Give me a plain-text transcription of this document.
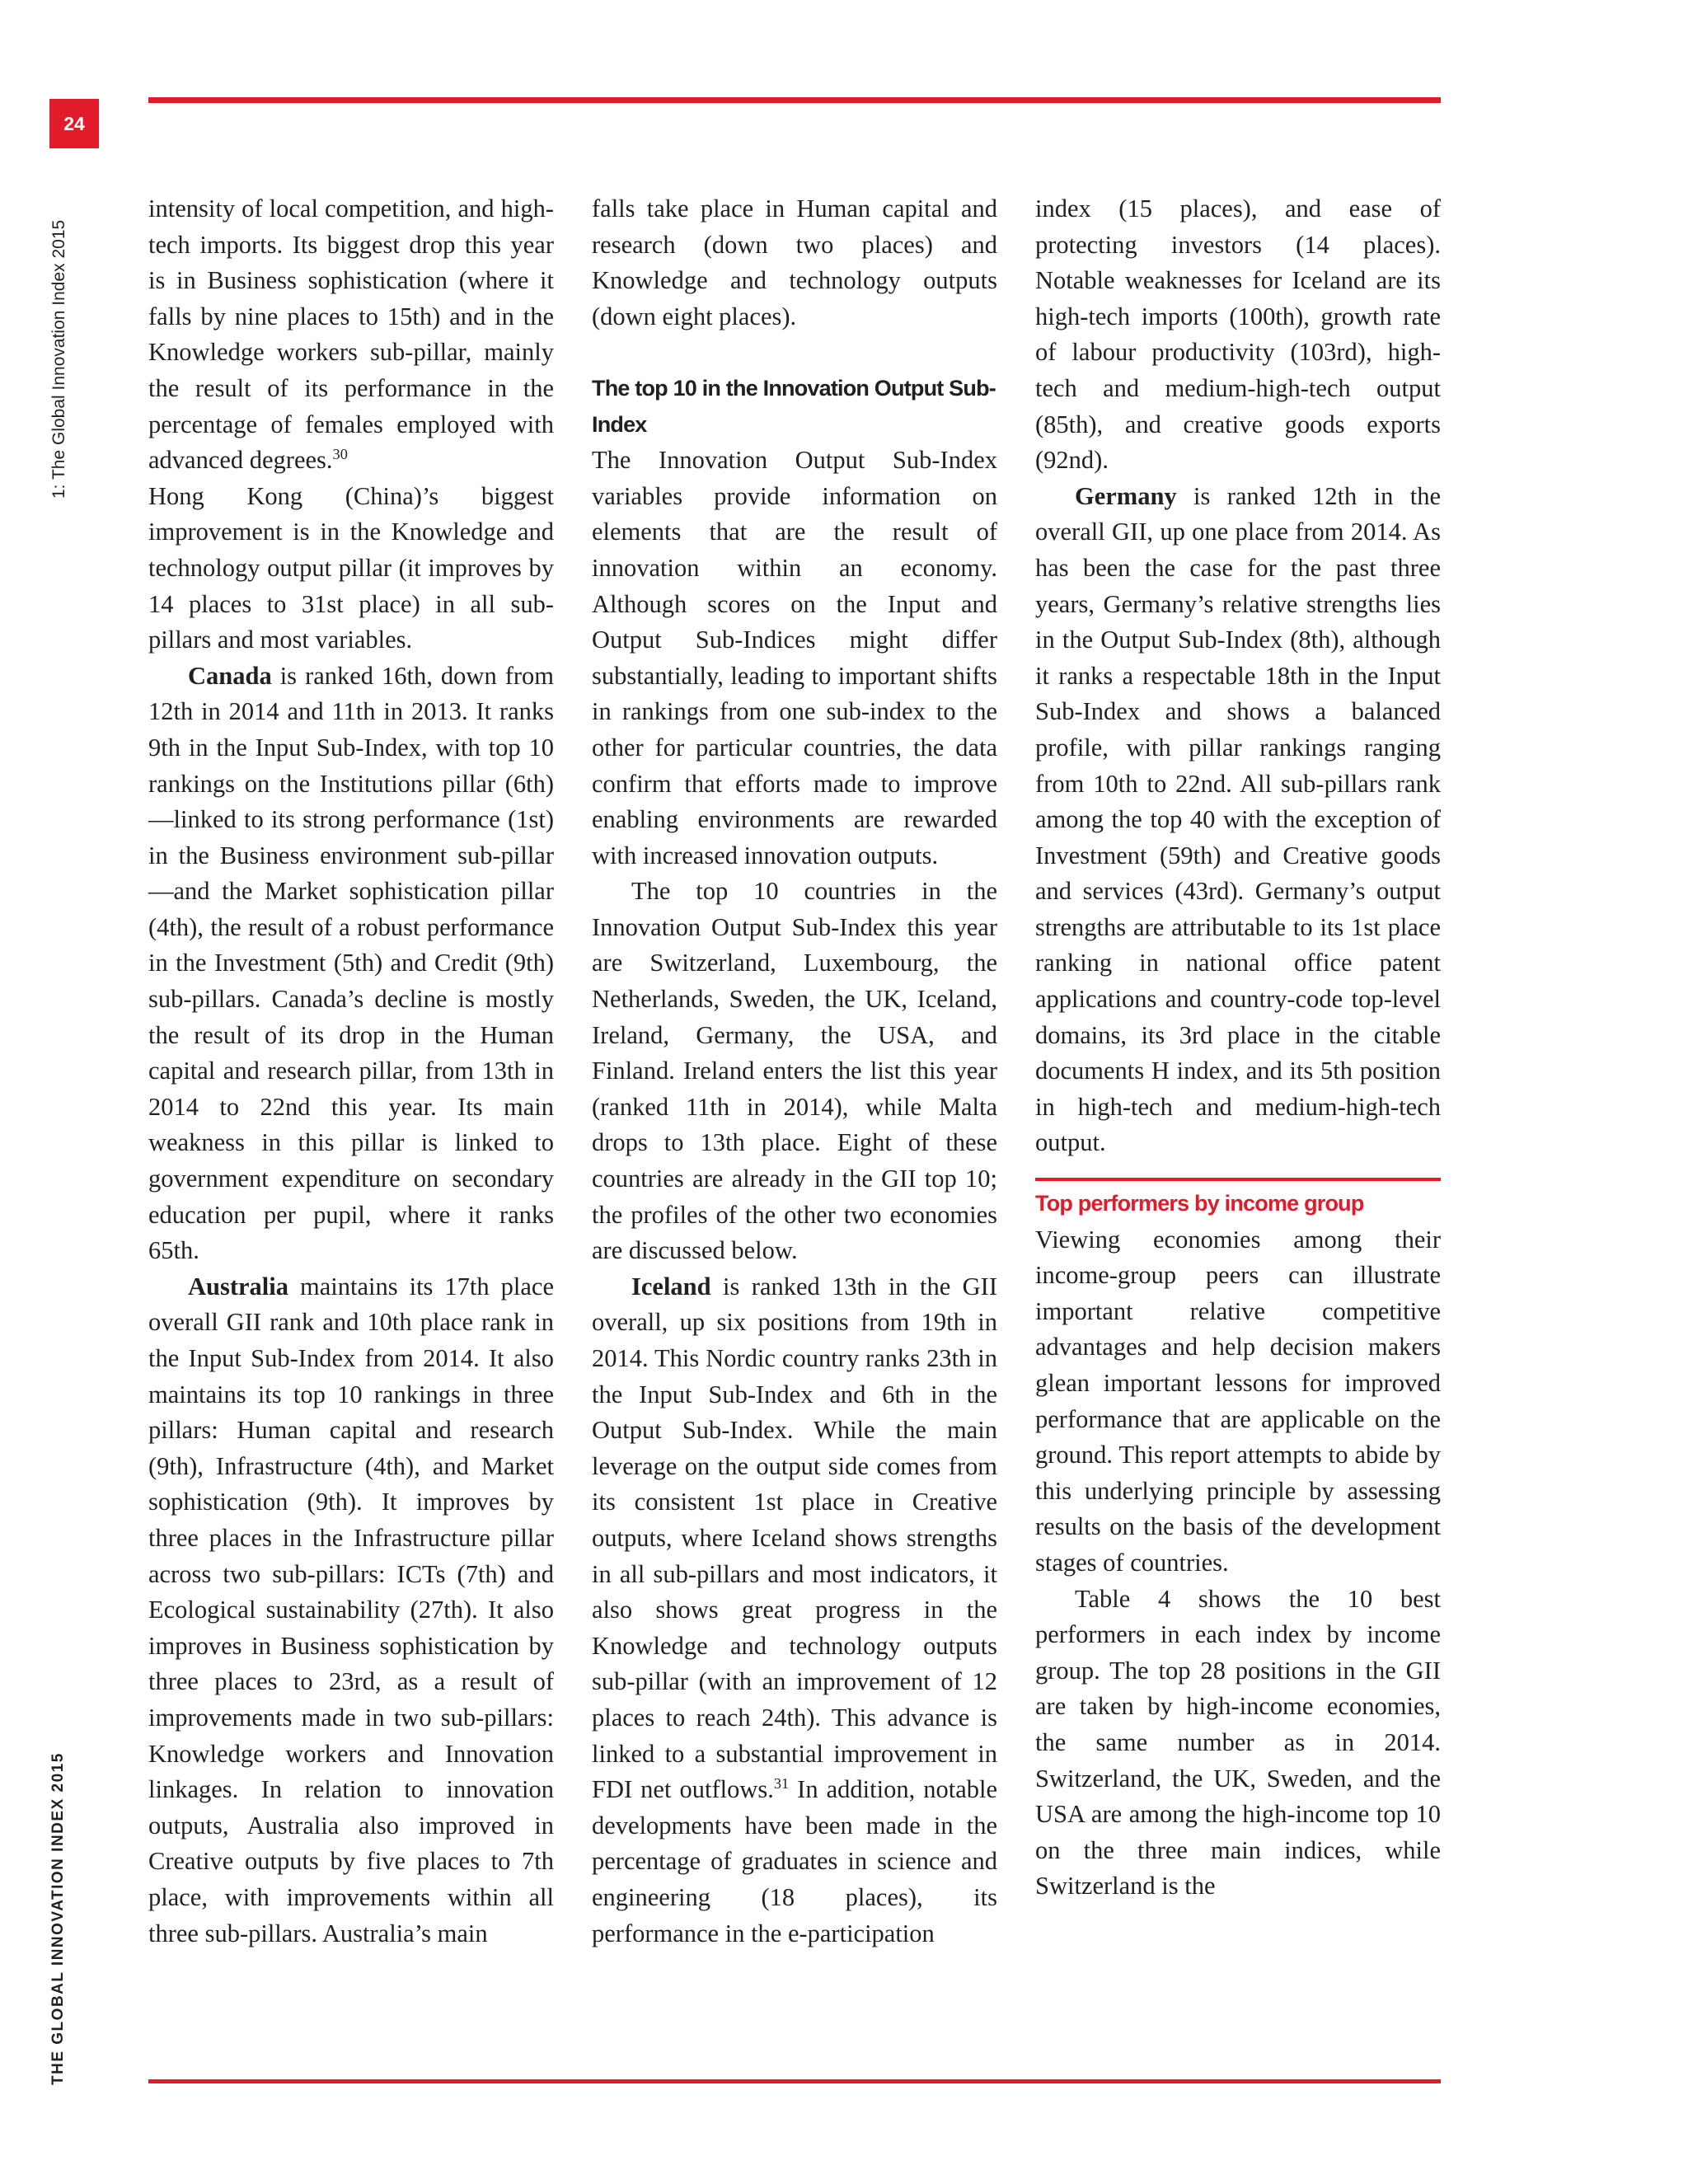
24
1: The Global Innovation Index 2015
THE GLOBAL INNOVATION INDEX 2015

intensity of local competition, and high-tech imports. Its biggest drop this year is in Business sophistication (where it falls by nine places to 15th) and in the Knowledge workers sub-pillar, mainly the result of its performance in the percentage of females employed with advanced degrees.$^{30}$

Hong Kong (China)’s biggest improvement is in the Knowledge and technology output pillar (it improves by 14 places to 31st place) in all sub-pillars and most variables.

Canada is ranked 16th, down from 12th in 2014 and 11th in 2013. It ranks 9th in the Input Sub-Index, with top 10 rankings on the Institutions pillar (6th)—linked to its strong performance (1st) in the Business environment sub-pillar—and the Market sophistication pillar (4th), the result of a robust performance in the Investment (5th) and Credit (9th) sub-pillars. Canada’s decline is mostly the result of its drop in the Human capital and research pillar, from 13th in 2014 to 22nd this year. Its main weakness in this pillar is linked to government expenditure on secondary education per pupil, where it ranks 65th.

Australia maintains its 17th place overall GII rank and 10th place rank in the Input Sub-Index from 2014. It also maintains its top 10 rankings in three pillars: Human capital and research (9th), Infrastructure (4th), and Market sophistication (9th). It improves by three places in the Infrastructure pillar across two sub-pillars: ICTs (7th) and Ecological sustainability (27th). It also improves in Business sophistication by three places to 23rd, as a result of improvements made in two sub-pillars: Knowledge workers and Innovation linkages. In relation to innovation outputs, Australia also improved in Creative outputs by five places to 7th place, with improvements within all three sub-pillars. Australia’s main

falls take place in Human capital and research (down two places) and Knowledge and technology outputs (down eight places).

The top 10 in the Innovation Output Sub-Index

The Innovation Output Sub-Index variables provide information on elements that are the result of innovation within an economy. Although scores on the Input and Output Sub-Indices might differ substantially, leading to important shifts in rankings from one sub-index to the other for particular countries, the data confirm that efforts made to improve enabling environments are rewarded with increased innovation outputs.

The top 10 countries in the Innovation Output Sub-Index this year are Switzerland, Luxembourg, the Netherlands, Sweden, the UK, Iceland, Ireland, Germany, the USA, and Finland. Ireland enters the list this year (ranked 11th in 2014), while Malta drops to 13th place. Eight of these countries are already in the GII top 10; the profiles of the other two economies are discussed below.

Iceland is ranked 13th in the GII overall, up six positions from 19th in 2014. This Nordic country ranks 23th in the Input Sub-Index and 6th in the Output Sub-Index. While the main leverage on the output side comes from its consistent 1st place in Creative outputs, where Iceland shows strengths in all sub-pillars and most indicators, it also shows great progress in the Knowledge and technology outputs sub-pillar (with an improvement of 12 places to reach 24th). This advance is linked to a substantial improvement in FDI net outflows.$^{31}$ In addition, notable developments have been made in the percentage of graduates in science and engineering (18 places), its performance in the e-participation

index (15 places), and ease of protecting investors (14 places). Notable weaknesses for Iceland are its high-tech imports (100th), growth rate of labour productivity (103rd), high-tech and medium-high-tech output (85th), and creative goods exports (92nd).

Germany is ranked 12th in the overall GII, up one place from 2014. As has been the case for the past three years, Germany’s relative strengths lies in the Output Sub-Index (8th), although it ranks a respectable 18th in the Input Sub-Index and shows a balanced profile, with pillar rankings ranging from 10th to 22nd. All sub-pillars rank among the top 40 with the exception of Investment (59th) and Creative goods and services (43rd). Germany’s output strengths are attributable to its 1st place ranking in national office patent applications and country-code top-level domains, its 3rd place in the citable documents H index, and its 5th position in high-tech and medium-high-tech output.

Top performers by income group

Viewing economies among their income-group peers can illustrate important relative competitive advantages and help decision makers glean important lessons for improved performance that are applicable on the ground. This report attempts to abide by this underlying principle by assessing results on the basis of the development stages of countries.

Table 4 shows the 10 best performers in each index by income group. The top 28 positions in the GII are taken by high-income economies, the same number as in 2014. Switzerland, the UK, Sweden, and the USA are among the high-income top 10 on the three main indices, while Switzerland is the
